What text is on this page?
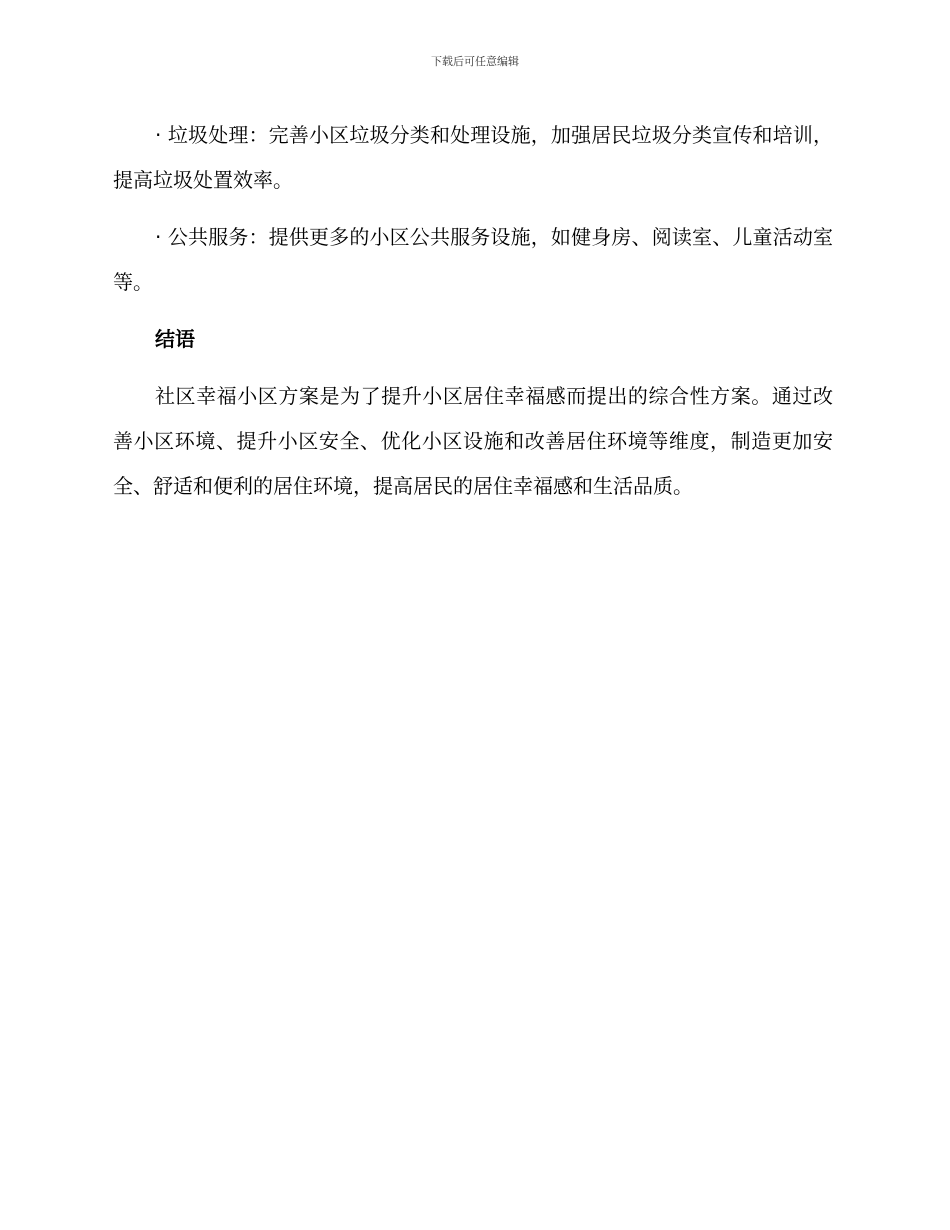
下载后可任意编辑

· 垃圾处理：完善小区垃圾分类和处理设施，加强居民垃圾分类宣传和培训，提高垃圾处置效率。

· 公共服务：提供更多的小区公共服务设施，如健身房、阅读室、儿童活动室等。

结语

社区幸福小区方案是为了提升小区居住幸福感而提出的综合性方案。通过改善小区环境、提升小区安全、优化小区设施和改善居住环境等维度，制造更加安全、舒适和便利的居住环境，提高居民的居住幸福感和生活品质。
